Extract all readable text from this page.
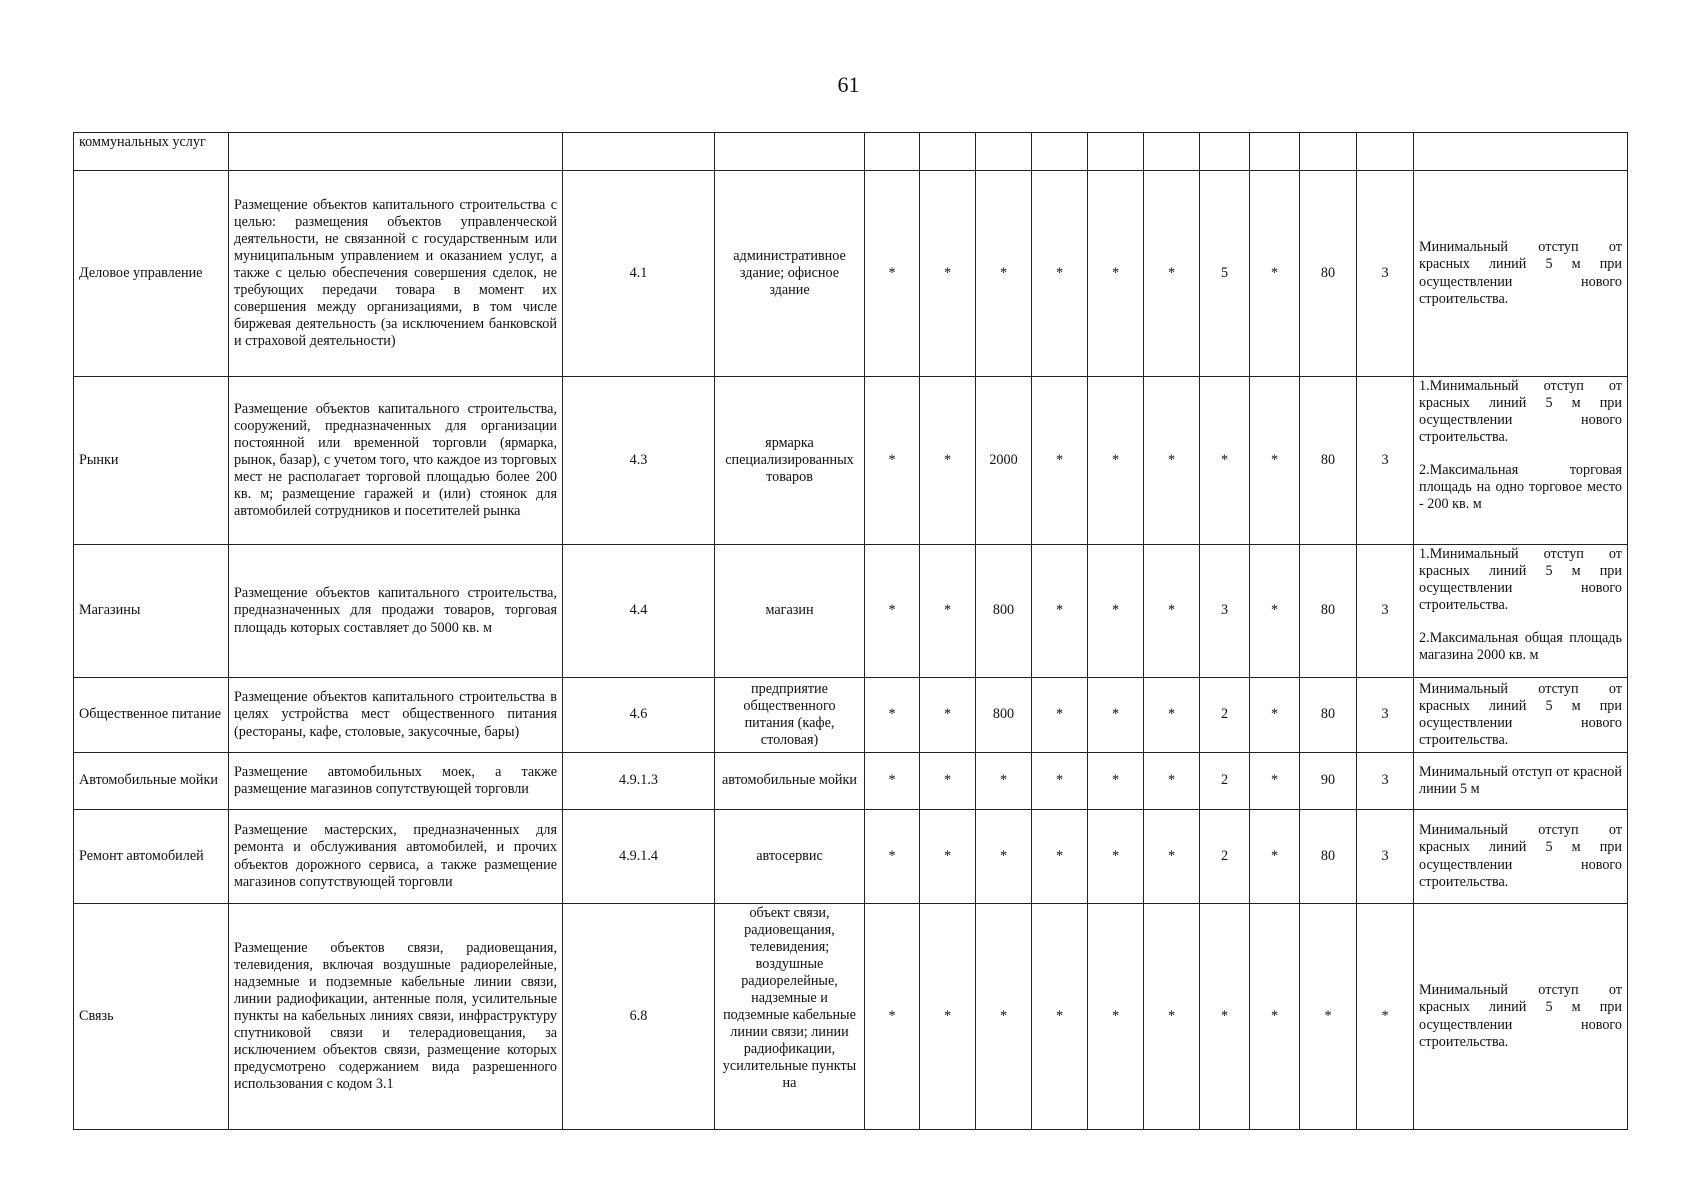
61
коммунальных услуг														

Деловое управление	Размещение объектов капитального строительства с целью: размещения объектов управленческой деятельности, не связанной с государственным или муниципальным управлением и оказанием услуг, а также с целью обеспечения совершения сделок, не требующих передачи товара в момент их совершения между организациями, в том числе биржевая деятельность (за исключением банковской и страховой деятельности)	4.1	административное здание; офисное здание	*	*	*	*	*	*	5	*	80	3	Минимальный отступ от красных линий 5 м при осуществлении нового строительства.

Рынки	Размещение объектов капитального строительства, сооружений, предназначенных для организации постоянной или временной торговли (ярмарка, рынок, базар), с учетом того, что каждое из торговых мест не располагает торговой площадью более 200 кв. м; размещение гаражей и (или) стоянок для автомобилей сотрудников и посетителей рынка	4.3	ярмарка специализированных товаров	*	*	2000	*	*	*	*	*	80	3	1.Минимальный отступ от красных линий 5 м при осуществлении нового строительства.
2.Максимальная торговая площадь на одно торговое место - 200 кв. м

Магазины	Размещение объектов капитального строительства, предназначенных для продажи товаров, торговая площадь которых составляет до 5000 кв. м	4.4	магазин	*	*	800	*	*	*	3	*	80	3	1.Минимальный отступ от красных линий 5 м при осуществлении нового строительства.
2.Максимальная общая площадь магазина 2000 кв. м

Общественное питание	Размещение объектов капитального строительства в целях устройства мест общественного питания (рестораны, кафе, столовые, закусочные, бары)	4.6	предприятие общественного питания (кафе, столовая)	*	*	800	*	*	*	2	*	80	3	Минимальный отступ от красных линий 5 м при осуществлении нового строительства.

Автомобильные мойки	Размещение автомобильных моек, а также размещение магазинов сопутствующей торговли	4.9.1.3	автомобильные мойки	*	*	*	*	*	*	2	*	90	3	Минимальный отступ от красной линии 5 м

Ремонт автомобилей	Размещение мастерских, предназначенных для ремонта и обслуживания автомобилей, и прочих объектов дорожного сервиса, а также размещение магазинов сопутствующей торговли	4.9.1.4	автосервис	*	*	*	*	*	*	2	*	80	3	Минимальный отступ от красных линий 5 м при осуществлении нового строительства.

Связь	Размещение объектов связи, радиовещания, телевидения, включая воздушные радиорелейные, надземные и подземные кабельные линии связи, линии радиофикации, антенные поля, усилительные пункты на кабельных линиях связи, инфраструктуру спутниковой связи и телерадиовещания, за исключением объектов связи, размещение которых предусмотрено содержанием вида разрешенного использования с кодом 3.1	6.8	объект связи, радиовещания, телевидения; воздушные радиорелейные, надземные и подземные кабельные линии связи; линии радиофикации, усилительные пункты на	*	*	*	*	*	*	*	*	*	*	Минимальный отступ от красных линий 5 м при осуществлении нового строительства.
